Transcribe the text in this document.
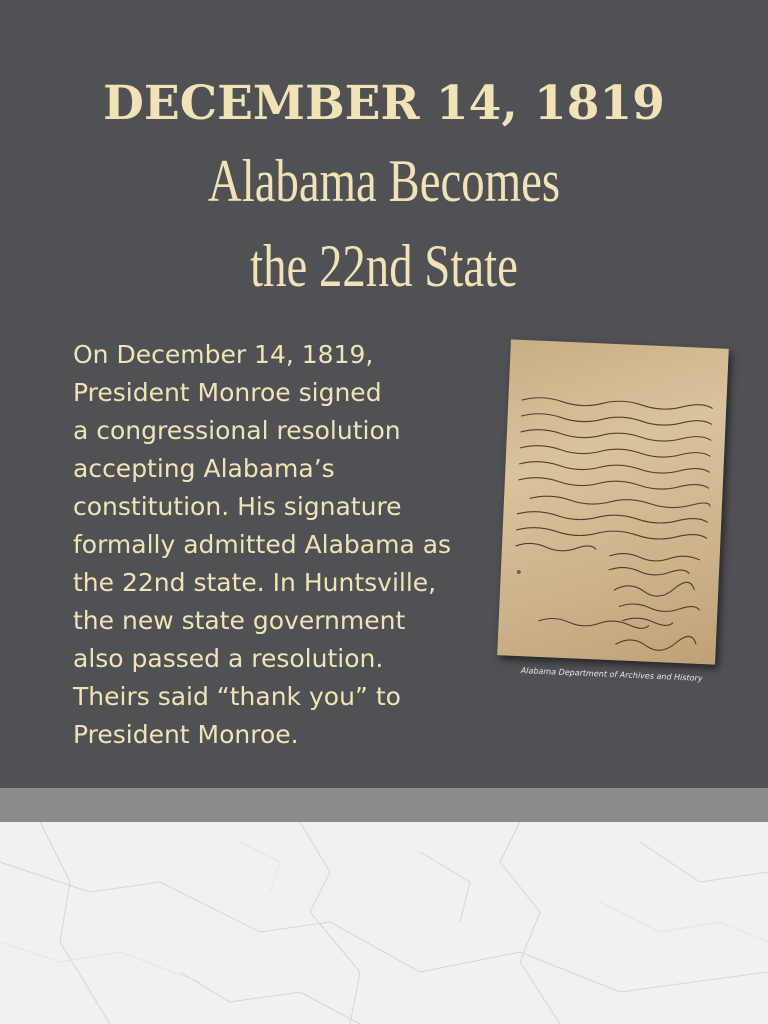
DECEMBER 14, 1819
Alabama Becomes
the 22nd State
On December 14, 1819,
President Monroe signed
a congressional resolution
accepting Alabama’s
constitution. His signature
formally admitted Alabama as
the 22nd state. In Huntsville,
the new state government
also passed a resolution.
Theirs said “thank you” to
President Monroe.
Alabama Department of Archives and History
